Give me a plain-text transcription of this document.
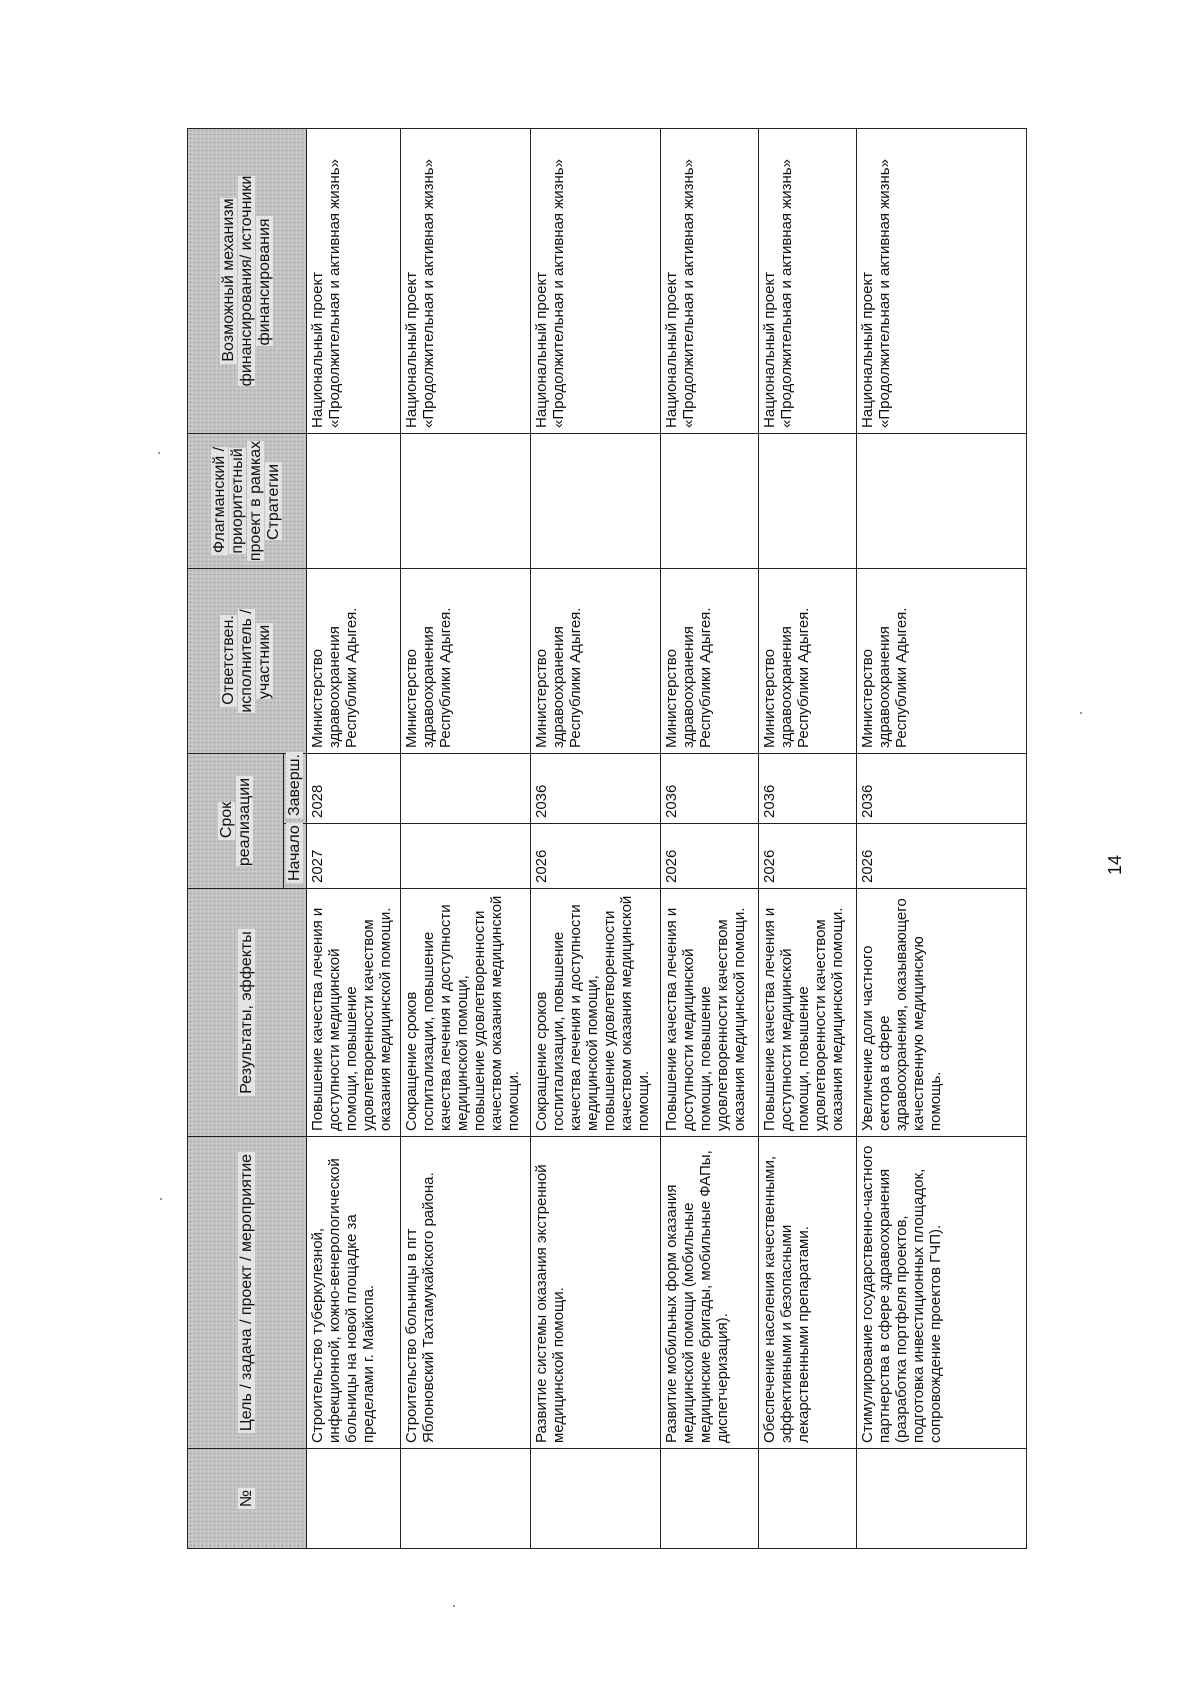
№	Цель / задача / проект / мероприятие	Результаты, эффекты	Срок реализации		Ответствен. исполнитель / участники	Флагманский / приоритетный проект в рамках Стратегии	Возможный механизм финансирования/ источники финансирования
			Начало	Заверш.			
	Строительство туберкулезной, инфекционной, кожно-венерологической больницы на новой площадке за пределами г. Майкопа.	Повышение качества лечения и доступности медицинской помощи, повышение удовлетворенности качеством оказания медицинской помощи.	2027	2028	Министерство здравоохранения Республики Адыгея.		Национальный проект «Продолжительная и активная жизнь»
	Строительство больницы в пгт Яблоновский Тахтамукайского района.	Сокращение сроков госпитализации, повышение качества лечения и доступности медицинской помощи, повышение удовлетворенности качеством оказания медицинской помощи.			Министерство здравоохранения Республики Адыгея.		Национальный проект «Продолжительная и активная жизнь»
	Развитие системы оказания экстренной медицинской помощи.	Сокращение сроков госпитализации, повышение качества лечения и доступности медицинской помощи, повышение удовлетворенности качеством оказания медицинской помощи.	2026	2036	Министерство здравоохранения Республики Адыгея.		Национальный проект «Продолжительная и активная жизнь»
	Развитие мобильных форм оказания медицинской помощи (мобильные медицинские бригады, мобильные ФАПы, диспетчеризация).	Повышение качества лечения и доступности медицинской помощи, повышение удовлетворенности качеством оказания медицинской помощи.	2026	2036	Министерство здравоохранения Республики Адыгея.		Национальный проект «Продолжительная и активная жизнь»
	Обеспечение населения качественными, эффективными и безопасными лекарственными препаратами.	Повышение качества лечения и доступности медицинской помощи, повышение удовлетворенности качеством оказания медицинской помощи.	2026	2036	Министерство здравоохранения Республики Адыгея.		Национальный проект «Продолжительная и активная жизнь»
	Стимулирование государственно-частного партнерства в сфере здравоохранения (разработка портфеля проектов, подготовка инвестиционных площадок, сопровождение проектов ГЧП).	Увеличение доли частного сектора в сфере здравоохранения, оказывающего качественную медицинскую помощь.	2026	2036	Министерство здравоохранения Республики Адыгея.		Национальный проект «Продолжительная и активная жизнь»
14
